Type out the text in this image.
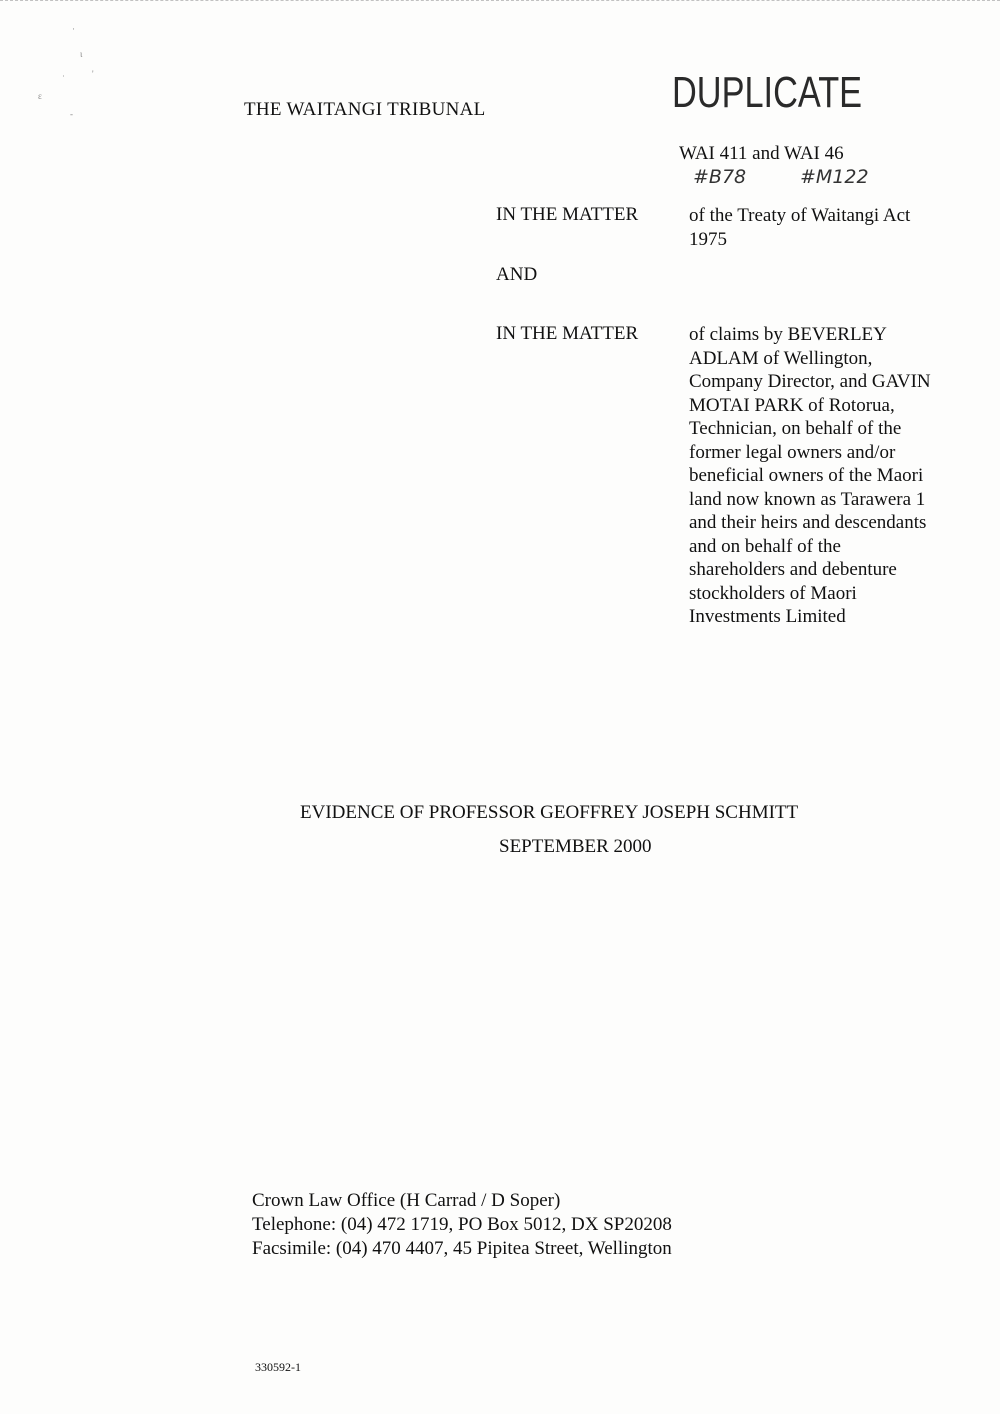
·
ι
ʿ	'
ε
-	THE WAITANGI TRIBUNAL	DUPLICATE
WAI 411 and WAI 46
#B78	#M122
IN THE MATTER	of the Treaty of Waitangi Act 1975
AND
IN THE MATTER	of claims by BEVERLEY ADLAM of Wellington, Company Director, and GAVIN MOTAI PARK of Rotorua, Technician, on behalf of the former legal owners and/or beneficial owners of the Maori land now known as Tarawera 1 and their heirs and descendants and on behalf of the shareholders and debenture stockholders of Maori Investments Limited
EVIDENCE OF PROFESSOR GEOFFREY JOSEPH SCHMITT
SEPTEMBER 2000
Crown Law Office (H Carrad / D Soper)
Telephone: (04) 472 1719, PO Box 5012, DX SP20208
Facsimile: (04) 470 4407, 45 Pipitea Street, Wellington
330592-1
